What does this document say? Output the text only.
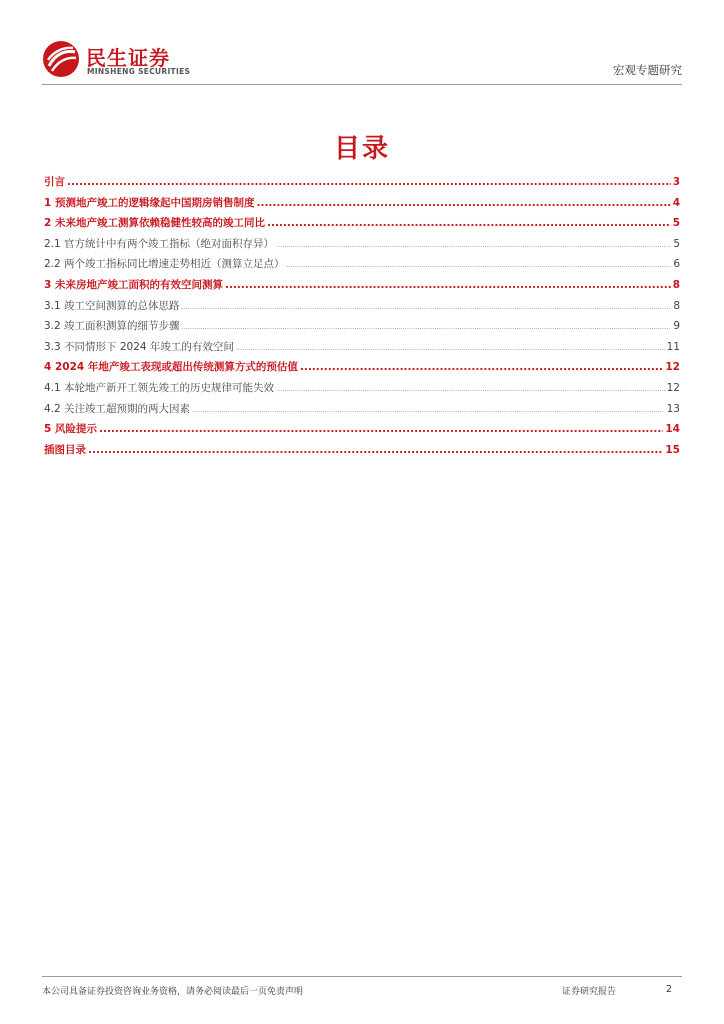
民生证券
MINSHENG SECURITIES	宏观专题研究
目录
引言 .....	3
1 预测地产竣工的逻辑缘起中国期房销售制度 .....	4
2 未来地产竣工测算依赖稳健性较高的竣工同比 .....	5
2.1 官方统计中有两个竣工指标（绝对面积存异） .....	5
2.2 两个竣工指标同比增速走势相近（测算立足点） .....	6
3 未来房地产竣工面积的有效空间测算 .....	8
3.1 竣工空间测算的总体思路 .....	8
3.2 竣工面积测算的细节步骤 .....	9
3.3 不同情形下 2024 年竣工的有效空间 .....	11
4 2024 年地产竣工表现或超出传统测算方式的预估值 .....	12
4.1 本轮地产新开工领先竣工的历史规律可能失效 .....	12
4.2 关注竣工超预期的两大因素 .....	13
5 风险提示 .....	14
插图目录 .....	15
本公司具备证券投资咨询业务资格，请务必阅读最后一页免责声明	证券研究报告	2
